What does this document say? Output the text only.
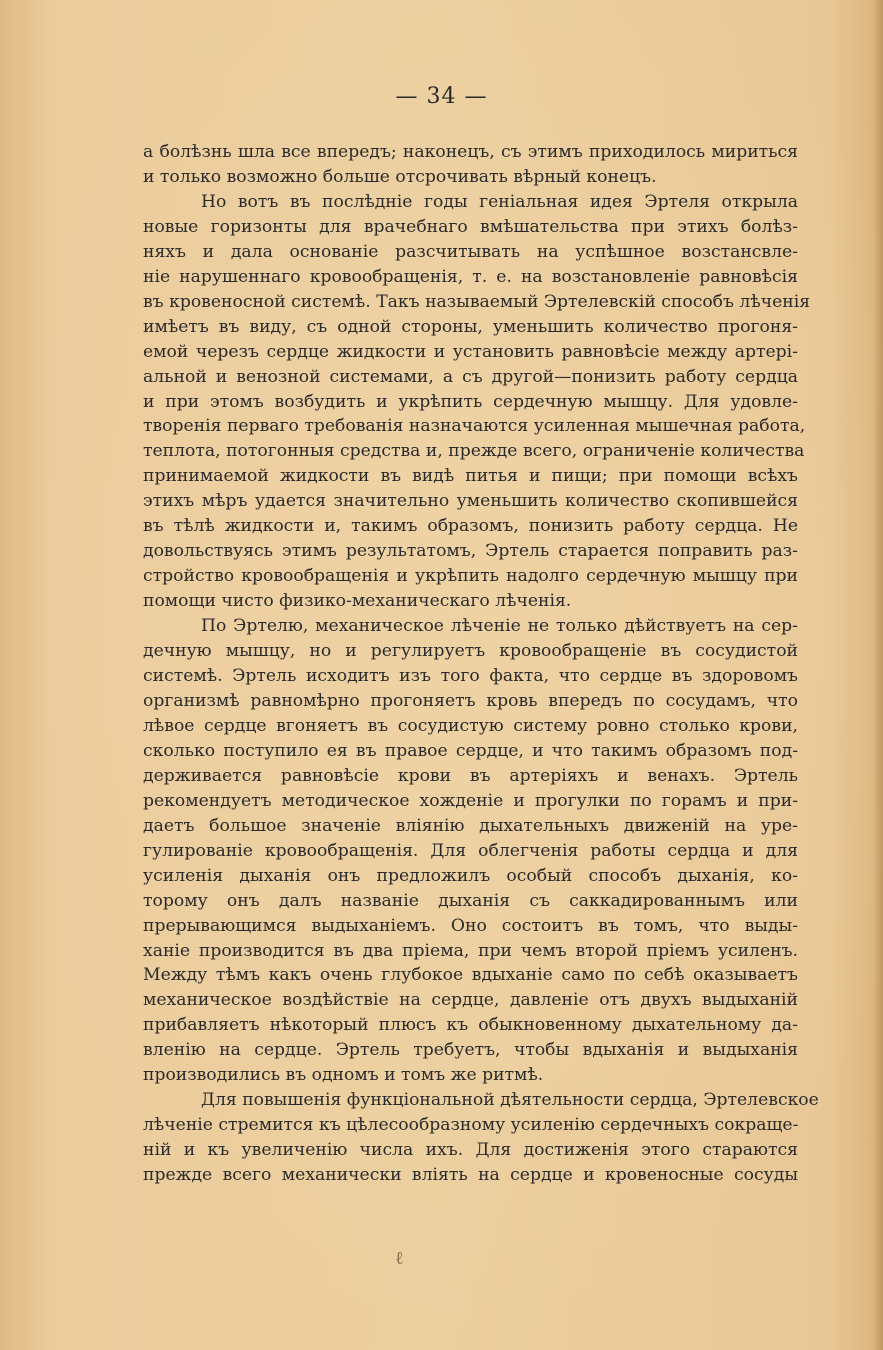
— 34 —

а болѣзнь шла все впередъ; наконецъ, съ этимъ приходилось мириться
и только возможно больше отсрочивать вѣрный конецъ.

Но вотъ въ послѣдніе годы геніальная идея Эртеля открыла
новые горизонты для врачебнаго вмѣшательства при этихъ болѣз-
няхъ и дала основаніе разсчитывать на успѣшное возстансвле-
ніе нарушеннаго кровообращенія, т. е. на возстановленіе равновѣсія
въ кровеносной системѣ. Такъ называемый Эртелевскій способъ лѣченія
имѣетъ въ виду, съ одной стороны, уменьшить количество прогоня-
емой черезъ сердце жидкости и установить равновѣсіе между артері-
альной и венозной системами, а съ другой—понизить работу сердца
и при этомъ возбудить и укрѣпить сердечную мышцу. Для удовле-
творенія перваго требованія назначаются усиленная мышечная работа,
теплота, потогонныя средства и, прежде всего, ограниченіе количества
принимаемой жидкости въ видѣ питья и пищи; при помощи всѣхъ
этихъ мѣръ удается значительно уменьшить количество скопившейся
въ тѣлѣ жидкости и, такимъ образомъ, понизить работу сердца. Не
довольствуясь этимъ результатомъ, Эртель старается поправить раз-
стройство кровообращенія и укрѣпить надолго сердечную мышцу при
помощи чисто физико-механическаго лѣченія.

По Эртелю, механическое лѣченіе не только дѣйствуетъ на сер-
дечную мышцу, но и регулируетъ кровообращеніе въ сосудистой
системѣ. Эртель исходитъ изъ того факта, что сердце въ здоровомъ
организмѣ равномѣрно прогоняетъ кровь впередъ по сосудамъ, что
лѣвое сердце вгоняетъ въ сосудистую систему ровно столько крови,
сколько поступило ея въ правое сердце, и что такимъ образомъ под-
держивается равновѣсіе крови въ артеріяхъ и венахъ. Эртель
рекомендуетъ методическое хожденіе и прогулки по горамъ и при-
даетъ большое значеніе вліянію дыхательныхъ движеній на уре-
гулированіе кровообращенія. Для облегченія работы сердца и для
усиленія дыханія онъ предложилъ особый способъ дыханія, ко-
торому онъ далъ названіе дыханія съ саккадированнымъ или
прерывающимся выдыханіемъ. Оно состоитъ въ томъ, что выды-
ханіе производится въ два пріема, при чемъ второй пріемъ усиленъ.
Между тѣмъ какъ очень глубокое вдыханіе само по себѣ оказываетъ
механическое воздѣйствіе на сердце, давленіе отъ двухъ выдыханій
прибавляетъ нѣкоторый плюсъ къ обыкновенному дыхательному да-
вленію на сердце. Эртель требуетъ, чтобы вдыханія и выдыханія
производились въ одномъ и томъ же ритмѣ.

Для повышенія функціональной дѣятельности сердца, Эртелевское
лѣченіе стремится къ цѣлесообразному усиленію сердечныхъ сокраще-
ній и къ увеличенію числа ихъ. Для достиженія этого стараются
прежде всего механически влiять на сердце и кровеносные сосуды

ℓ
